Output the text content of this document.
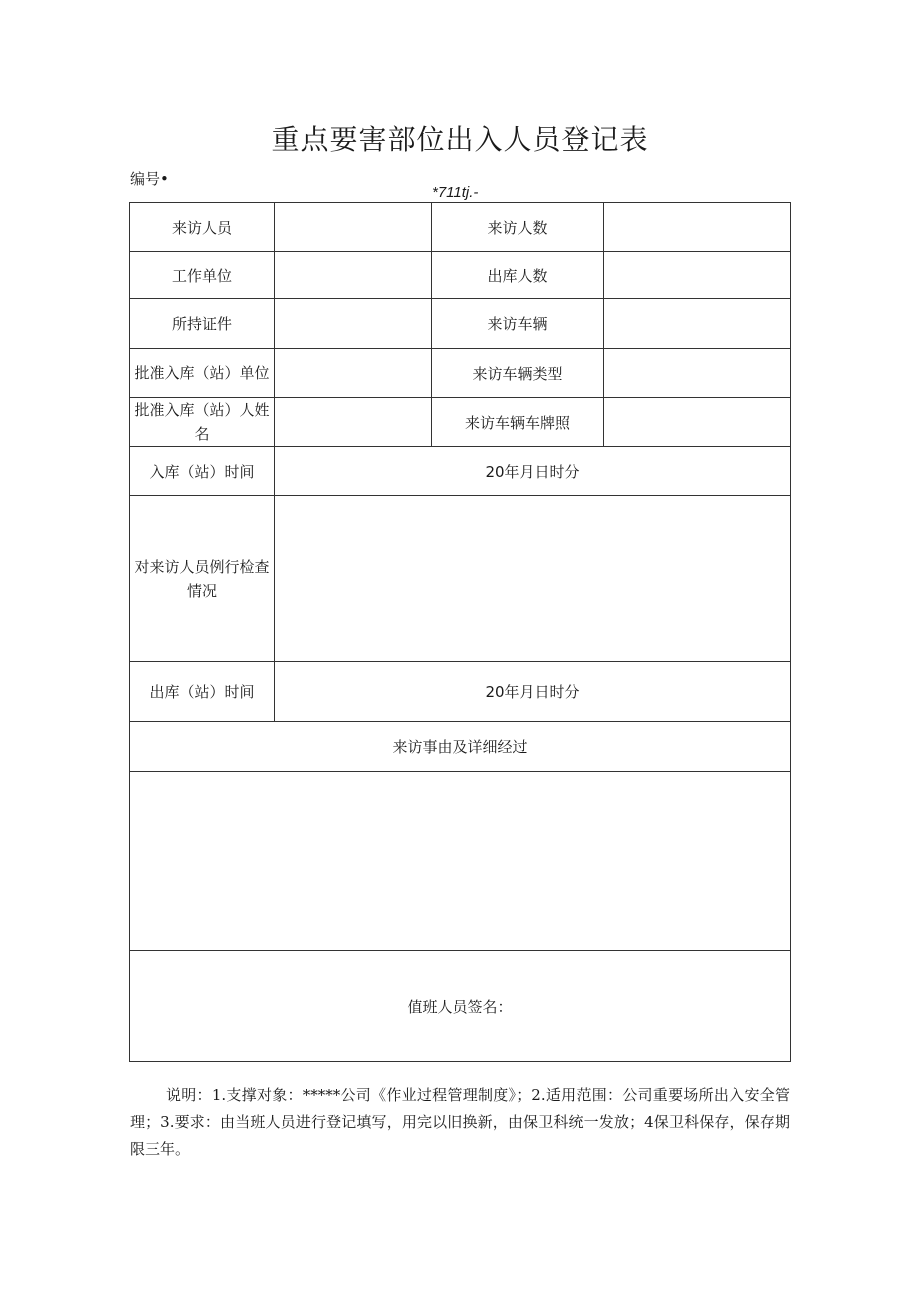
重点要害部位出入人员登记表
编号•
*711tj.-
来访人员		来访人数	
工作单位		出库人数	
所持证件		来访车辆	
批准入库（站）单位		来访车辆类型	
批准入库（站）人姓名		来访车辆车牌照	
入库（站）时间	20年月日时分		
对来访人员例行检查情况			
出库（站）时间	20年月日时分		
来访事由及详细经过			

值班人员签名：			
说明：1.支撑对象：*****公司《作业过程管理制度》；2.适用范围：公司重要场所出入安全管理；3.要求：由当班人员进行登记填写，用完以旧换新，由保卫科统一发放；4保卫科保存，保存期限三年。
